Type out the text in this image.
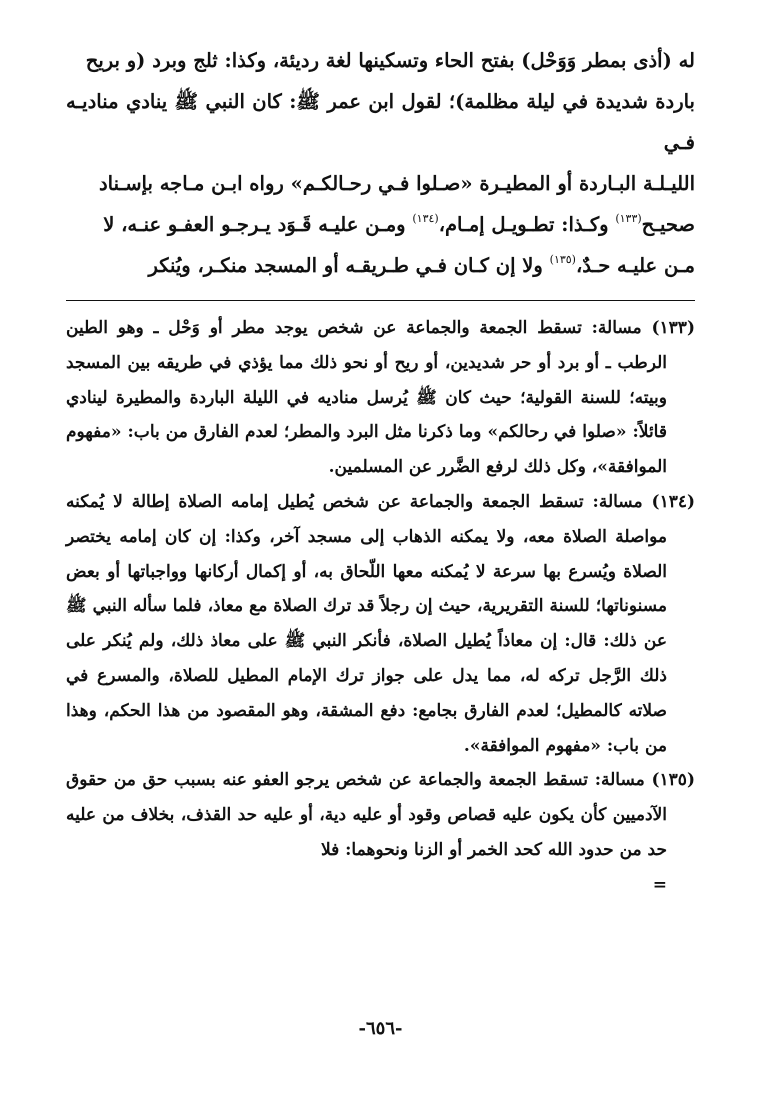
له (أذى بمطر وَوَحْل) بفتح الحاء وتسكينها لغة رديئة، وكذا: ثلج وبرد (و بريح

باردة شديدة في ليلة مظلمة)؛ لقول ابن عمر ﷺ: كان النبي ﷺ ينادي مناديـه فـي

الليـلـة البـاردة أو المطيـرة «صـلوا فـي رحـالكـم» رواه ابـن مـاجه بإسـناد

صحيـح$^{(١٣٣)}$ وكـذا: تطـويـل إمـام،$^{(١٣٤)}$ ومـن عليـه قَـوَد يـرجـو العفـو عنـه، لا

مـن عليـه حـدٌ،$^{(١٣٥)}$ ولا إن كـان فـي طـريقـه أو المسجد منكـر، ويُنكر

(١٣٣) مسالة: تسقط الجمعة والجماعة عن شخص يوجد مطر أو وَحْل ـ وهو الطين الرطب ـ أو برد أو حر شديدين، أو ريح أو نحو ذلك مما يؤذي في طريقه بين المسجد وبيته؛ للسنة القولية؛ حيث كان ﷺ يُرسل مناديه في الليلة الباردة والمطيرة لينادي قائلاً: «صلوا في رحالكم» وما ذكرنا مثل البرد والمطر؛ لعدم الفارق من باب: «مفهوم الموافقة»، وكل ذلك لرفع الضَّرر عن المسلمين.
(١٣٤) مسالة: تسقط الجمعة والجماعة عن شخص يُطيل إمامه الصلاة إطالة لا يُمكنه مواصلة الصلاة معه، ولا يمكنه الذهاب إلى مسجد آخر، وكذا: إن كان إمامه يختصر الصلاة ويُسرع بها سرعة لا يُمكنه معها اللّحاق به، أو إكمال أركانها وواجباتها أو بعض مسنوناتها؛ للسنة التقريرية، حيث إن رجلاً قد ترك الصلاة مع معاذ، فلما سأله النبي ﷺ عن ذلك: قال: إن معاذاً يُطيل الصلاة، فأنكر النبي ﷺ على معاذ ذلك، ولم يُنكر على ذلك الرَّجل تركه له، مما يدل على جواز ترك الإمام المطيل للصلاة، والمسرع في صلاته كالمطيل؛ لعدم الفارق بجامع: دفع المشقة، وهو المقصود من هذا الحكم، وهذا من باب: «مفهوم الموافقة».
(١٣٥) مسالة: تسقط الجمعة والجماعة عن شخص يرجو العفو عنه بسبب حق من حقوق الآدميين كأن يكون عليه قصاص وقود أو عليه دية، أو عليه حد القذف، بخلاف من عليه حد من حدود الله كحد الخمر أو الزنا ونحوهما: فلا
=
-٦٥٦-
